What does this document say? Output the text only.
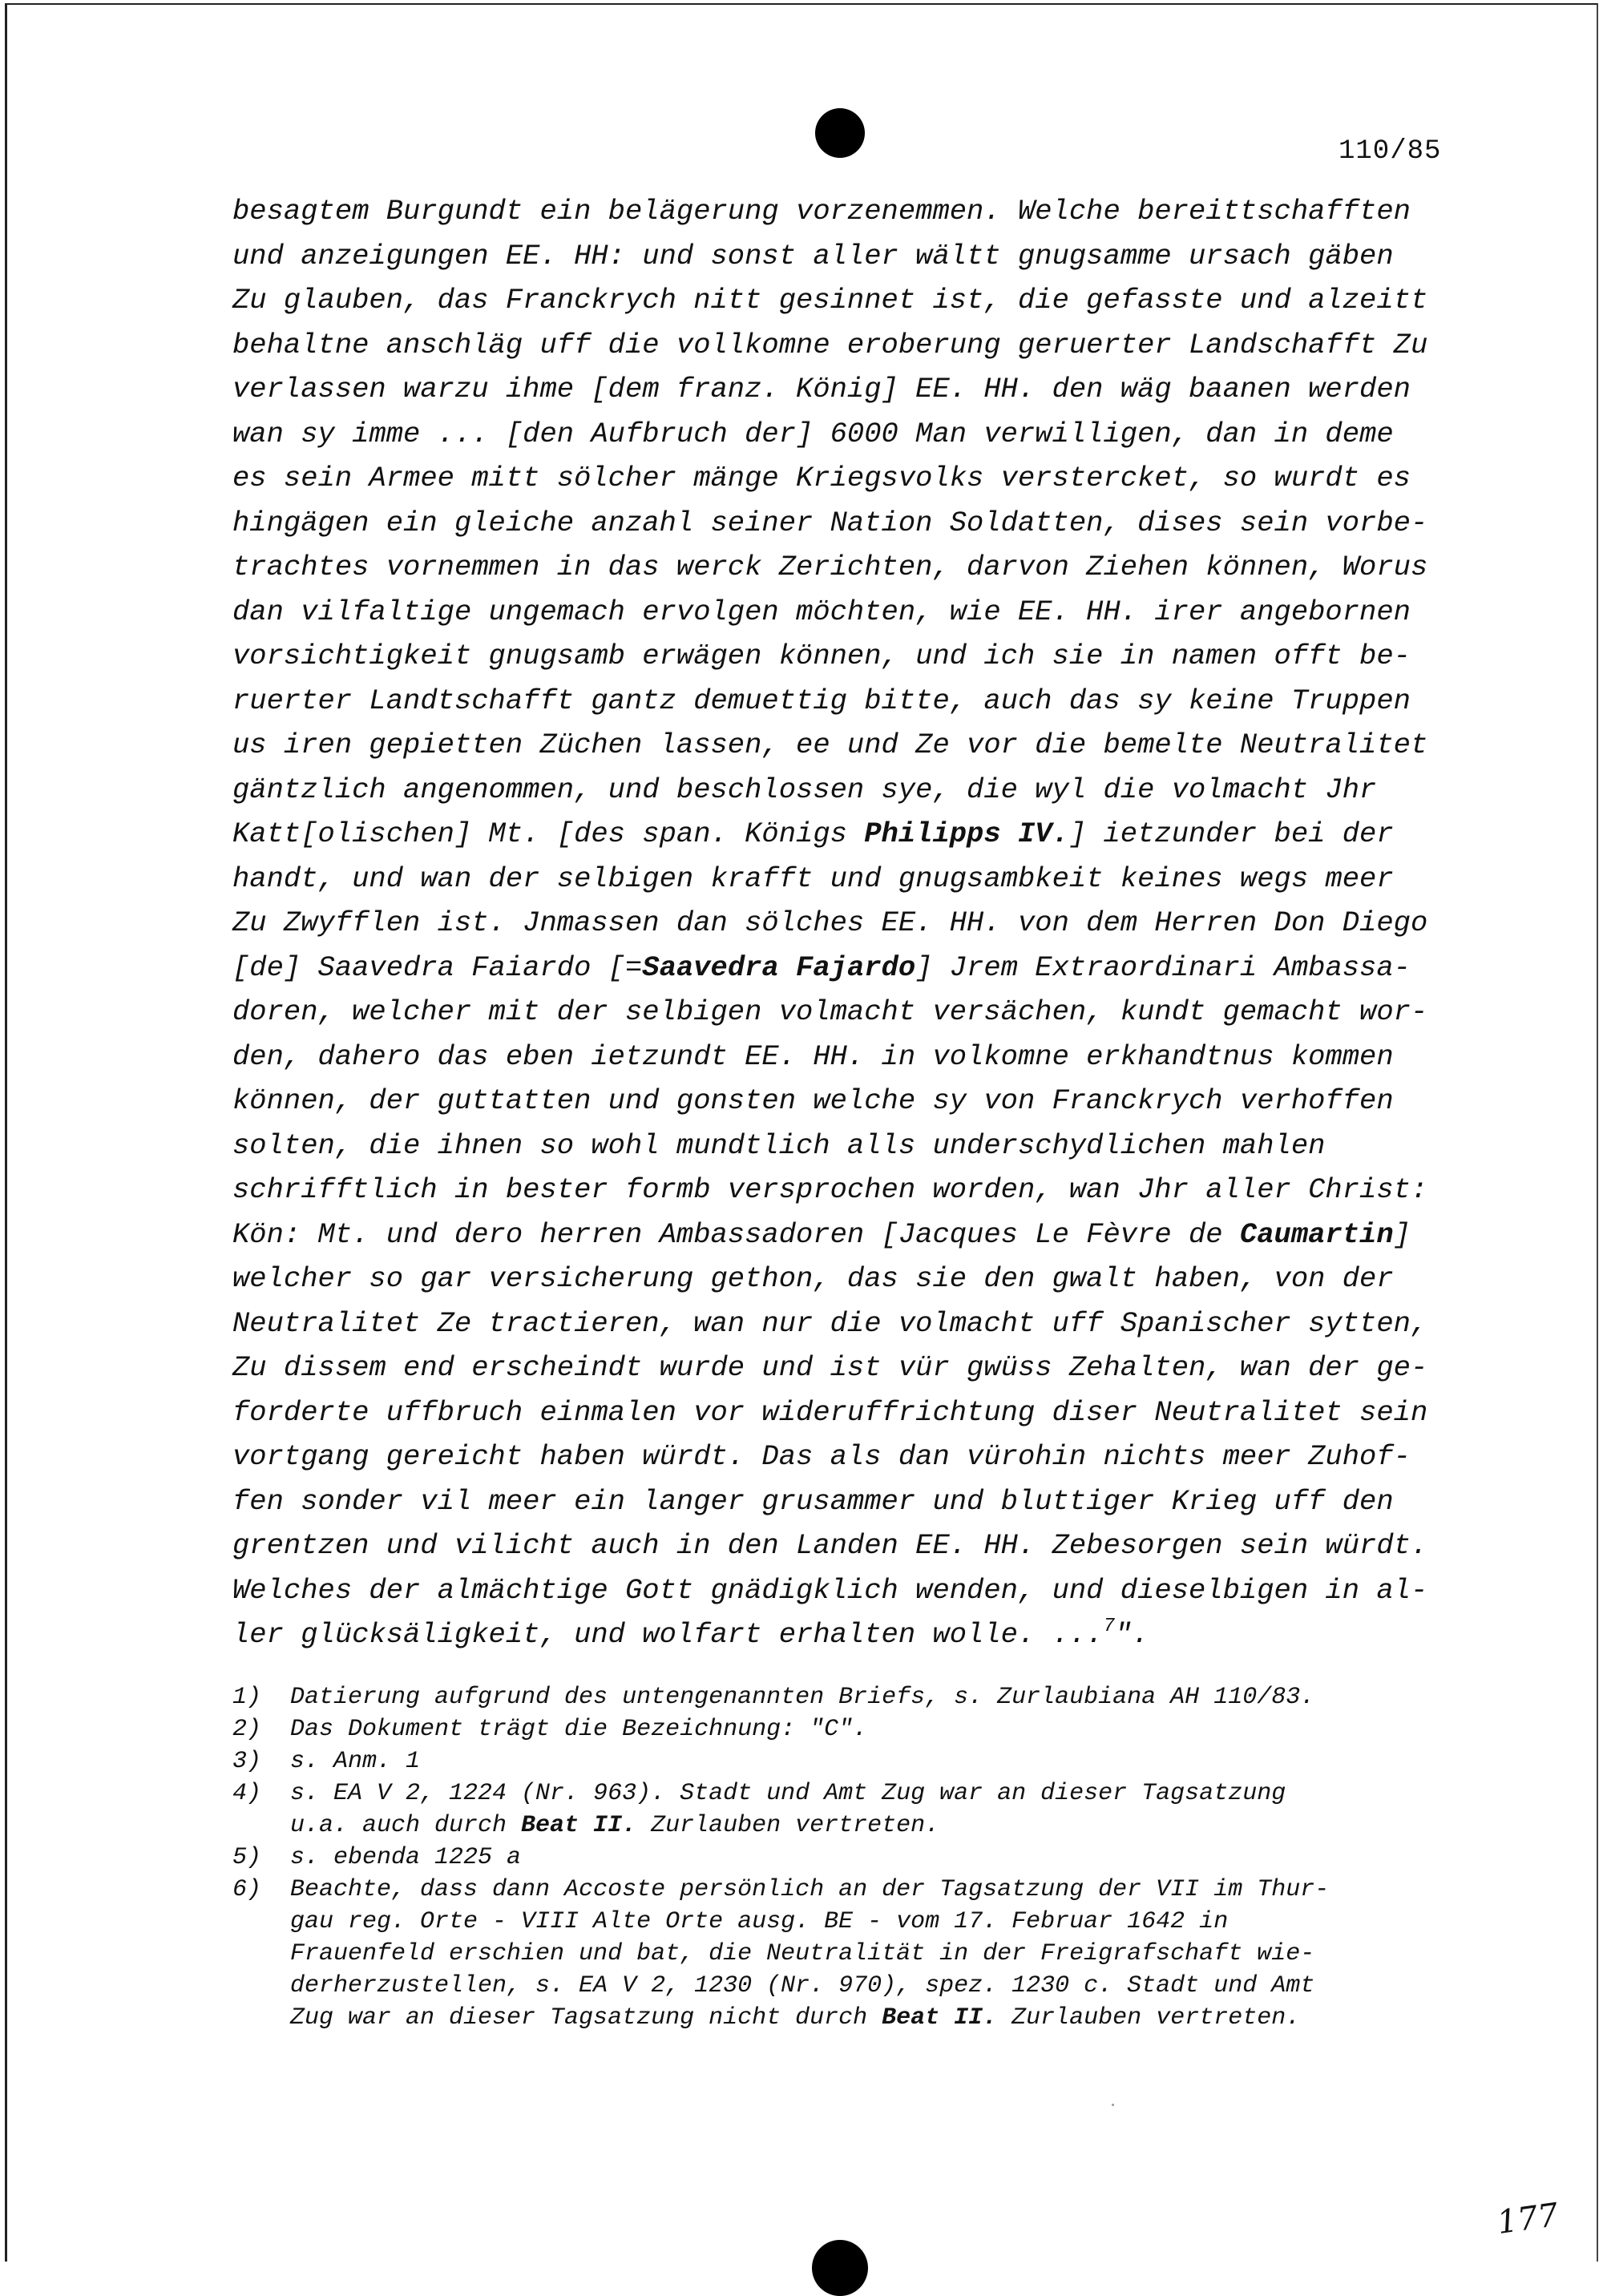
110/85
besagtem Burgundt ein belägerung vorzenemmen. Welche bereittschafften
und anzeigungen EE. HH: und sonst aller wältt gnugsamme ursach gäben
Zu glauben, das Franckrych nitt gesinnet ist, die gefasste und alzeitt
behaltne anschläg uff die vollkomne eroberung geruerter Landschafft Zu
verlassen warzu ihme [dem franz. König] EE. HH. den wäg baanen werden
wan sy imme ... [den Aufbruch der] 6000 Man verwilligen, dan in deme
es sein Armee mitt sölcher mänge Kriegsvolks verstercket, so wurdt es
hingägen ein gleiche anzahl seiner Nation Soldatten, dises sein vorbe-
trachtes vornemmen in das werck Zerichten, darvon Ziehen können, Worus
dan vilfaltige ungemach ervolgen möchten, wie EE. HH. irer angebornen
vorsichtigkeit gnugsamb erwägen können, und ich sie in namen offt be-
ruerter Landtschafft gantz demuettig bitte, auch das sy keine Truppen
us iren gepietten Züchen lassen, ee und Ze vor die bemelte Neutralitet
gäntzlich angenommen, und beschlossen sye, die wyl die volmacht Jhr
Katt[olischen] Mt. [des span. Königs Philipps IV.] ietzunder bei der
handt, und wan der selbigen krafft und gnugsambkeit keines wegs meer
Zu Zwyfflen ist. Jnmassen dan sölches EE. HH. von dem Herren Don Diego
[de] Saavedra Faiardo [=Saavedra Fajardo] Jrem Extraordinari Ambassa-
doren, welcher mit der selbigen volmacht versächen, kundt gemacht wor-
den, dahero das eben ietzundt EE. HH. in volkomne erkhandtnus kommen
können, der guttatten und gonsten welche sy von Franckrych verhoffen
solten, die ihnen so wohl mundtlich alls underschydlichen mahlen
schrifftlich in bester formb versprochen worden, wan Jhr aller Christ:
Kön: Mt. und dero herren Ambassadoren [Jacques Le Fèvre de Caumartin]
welcher so gar versicherung gethon, das sie den gwalt haben, von der
Neutralitet Ze tractieren, wan nur die volmacht uff Spanischer sytten,
Zu dissem end erscheindt wurde und ist vür gwüss Zehalten, wan der ge-
forderte uffbruch einmalen vor wideruffrichtung diser Neutralitet sein
vortgang gereicht haben würdt. Das als dan vürohin nichts meer Zuhof-
fen sonder vil meer ein langer grusammer und bluttiger Krieg uff den
grentzen und vilicht auch in den Landen EE. HH. Zebesorgen sein würdt.
Welches der almächtige Gott gnädigklich wenden, und dieselbigen in al-
ler glücksäligkeit, und wolfart erhalten wolle. ...$^7$".
1) Datierung aufgrund des untengenannten Briefs, s. Zurlaubiana AH 110/83.
2) Das Dokument trägt die Bezeichnung: "C".
3) s. Anm. 1
4) s. EA V 2, 1224 (Nr. 963). Stadt und Amt Zug war an dieser Tagsatzung
u.a. auch durch Beat II. Zurlauben vertreten.
5) s. ebenda 1225 a
6) Beachte, dass dann Accoste persönlich an der Tagsatzung der VII im Thur-
gau reg. Orte - VIII Alte Orte ausg. BE - vom 17. Februar 1642 in
Frauenfeld erschien und bat, die Neutralität in der Freigrafschaft wie-
derherzustellen, s. EA V 2, 1230 (Nr. 970), spez. 1230 c. Stadt und Amt
Zug war an dieser Tagsatzung nicht durch Beat II. Zurlauben vertreten.
177
